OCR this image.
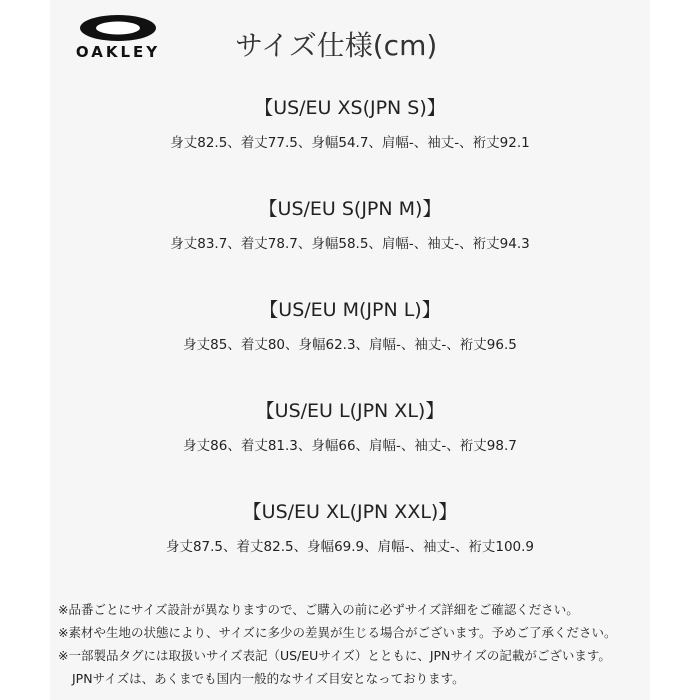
OAKLEY	サイズ仕様(cm)
【US/EU XS(JPN S)】
身丈82.5、着丈77.5、身幅54.7、肩幅-、袖丈-、裄丈92.1
【US/EU S(JPN M)】
身丈83.7、着丈78.7、身幅58.5、肩幅-、袖丈-、裄丈94.3
【US/EU M(JPN L)】
身丈85、着丈80、身幅62.3、肩幅-、袖丈-、裄丈96.5
【US/EU L(JPN XL)】
身丈86、着丈81.3、身幅66、肩幅-、袖丈-、裄丈98.7
【US/EU XL(JPN XXL)】
身丈87.5、着丈82.5、身幅69.9、肩幅-、袖丈-、裄丈100.9
※品番ごとにサイズ設計が異なりますので、ご購入の前に必ずサイズ詳細をご確認ください。
※素材や生地の状態により、サイズに多少の差異が生じる場合がございます。予めご了承ください。
※一部製品タグには取扱いサイズ表記（US/EUサイズ）とともに、JPNサイズの記載がございます。
JPNサイズは、あくまでも国内一般的なサイズ目安となっております。
